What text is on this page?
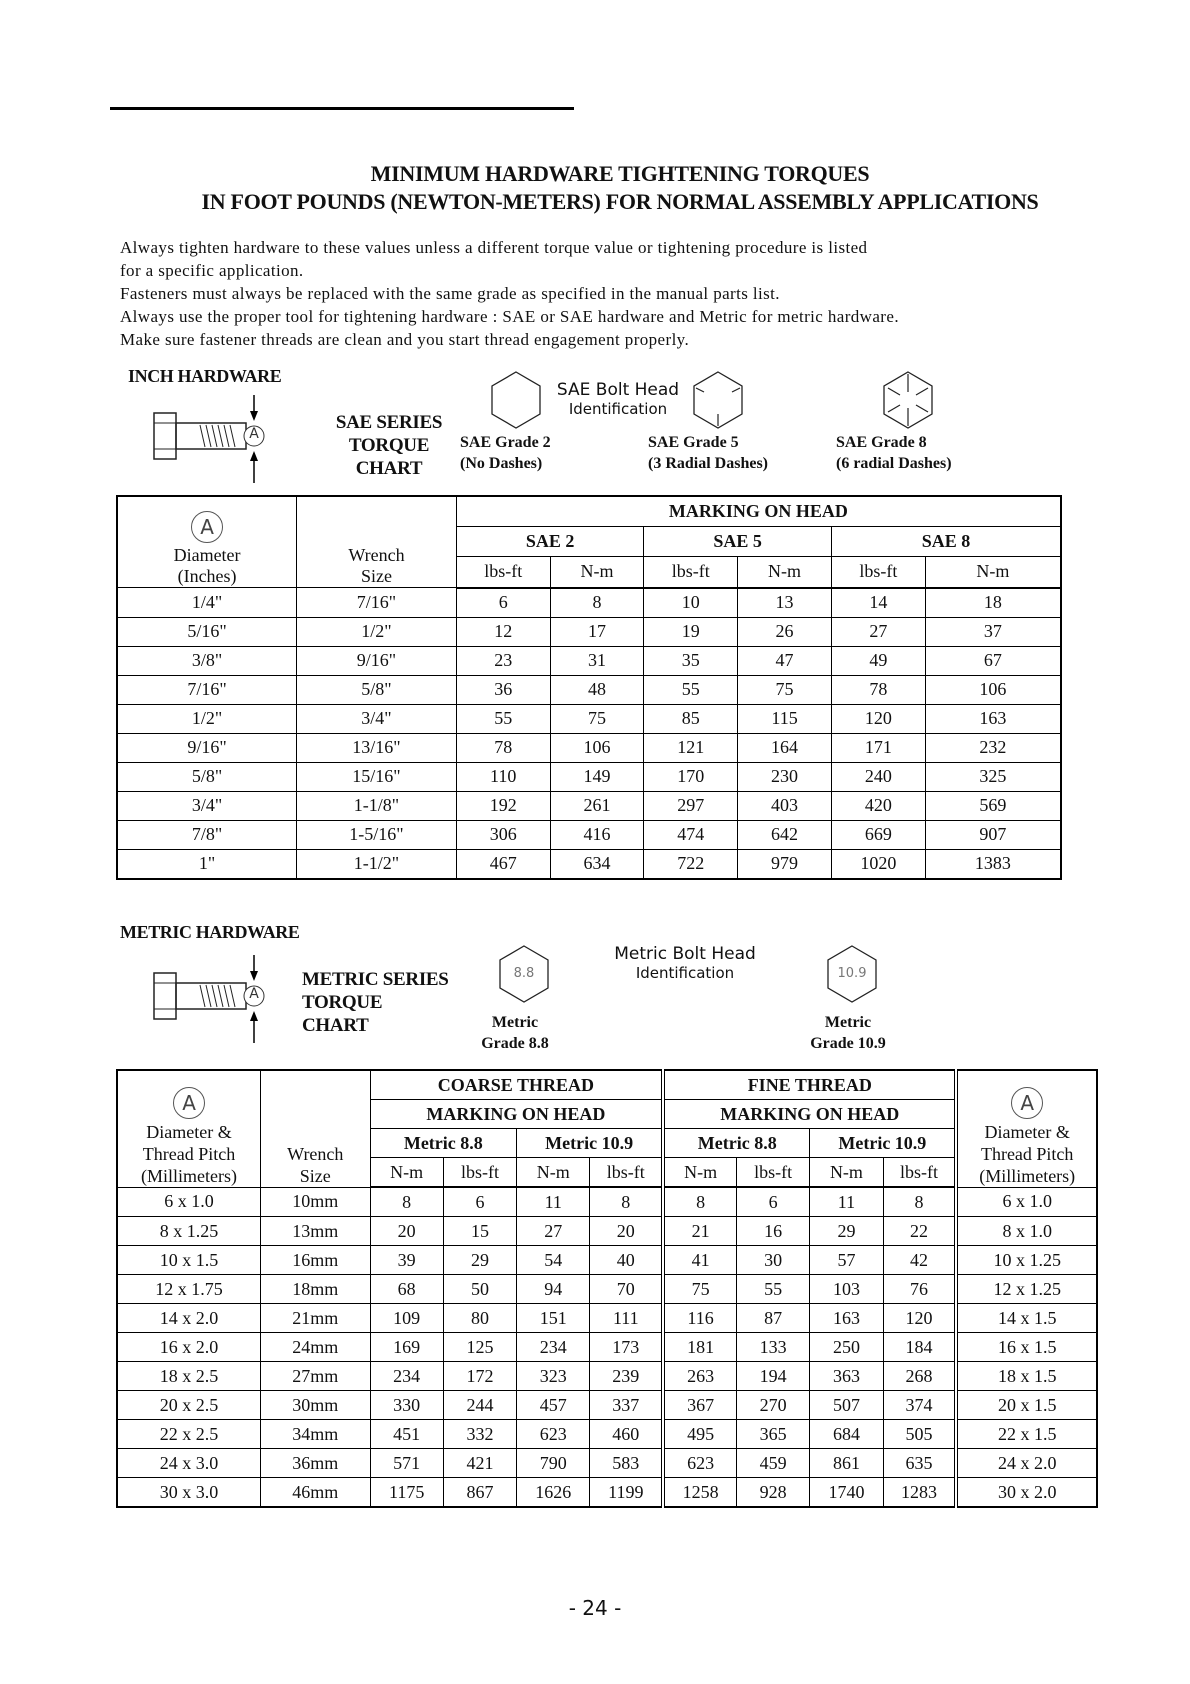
MINIMUM HARDWARE TIGHTENING TORQUES
IN FOOT POUNDS (NEWTON-METERS) FOR NORMAL ASSEMBLY APPLICATIONS
Always tighten hardware to these values unless a different torque value or tightening procedure is listed
for a specific application.
Fasteners must always be replaced with the same grade as specified in the manual parts list.
Always use the proper tool for tightening hardware : SAE or SAE hardware and Metric for metric hardware.
Make sure fastener threads are clean and you start thread engagement properly.
INCH HARDWARE
A
SAE SERIES
TORQUE
CHART
SAE Bolt Head
Identification
SAE Grade 2
(No Dashes)
SAE Grade 5
(3 Radial Dashes)
SAE Grade 8
(6 radial Dashes)
A
Diameter
(Inches)	Wrench
Size	MARKING ON HEAD					
		SAE 2		SAE 5		SAE 8	
		lbs-ft	N-m	lbs-ft	N-m	lbs-ft	N-m
1/4"	7/16"	6	8	10	13	14	18
5/16"	1/2"	12	17	19	26	27	37
3/8"	9/16"	23	31	35	47	49	67
7/16"	5/8"	36	48	55	75	78	106
1/2"	3/4"	55	75	85	115	120	163
9/16"	13/16"	78	106	121	164	171	232
5/8"	15/16"	110	149	170	230	240	325
3/4"	1-1/8"	192	261	297	403	420	569
7/8"	1-5/16"	306	416	474	642	669	907
1"	1-1/2"	467	634	722	979	1020	1383
METRIC HARDWARE
A
METRIC SERIES
TORQUE
CHART
8.8
Metric Bolt Head
Identification	10.9
Metric
Grade 8.8
Metric
Grade 10.9
A
Diameter &
Thread Pitch
(Millimeters)	Wrench
Size	COARSE THREAD				FINE THREAD				A
Diameter &
Thread Pitch
(Millimeters)

		MARKING ON HEAD				MARKING ON HEAD				
		Metric 8.8		Metric 10.9		Metric 8.8		Metric 10.9		
		N-m	lbs-ft	N-m	lbs-ft	N-m	lbs-ft	N-m	lbs-ft	
6 x 1.0	10mm	8	6	11	8	8	6	11	8	6 x 1.0
8 x 1.25	13mm	20	15	27	20	21	16	29	22	8 x 1.0
10 x 1.5	16mm	39	29	54	40	41	30	57	42	10 x 1.25
12 x 1.75	18mm	68	50	94	70	75	55	103	76	12 x 1.25
14 x 2.0	21mm	109	80	151	111	116	87	163	120	14 x 1.5
16 x 2.0	24mm	169	125	234	173	181	133	250	184	16 x 1.5
18 x 2.5	27mm	234	172	323	239	263	194	363	268	18 x 1.5
20 x 2.5	30mm	330	244	457	337	367	270	507	374	20 x 1.5
22 x 2.5	34mm	451	332	623	460	495	365	684	505	22 x 1.5
24 x 3.0	36mm	571	421	790	583	623	459	861	635	24 x 2.0
30 x 3.0	46mm	1175	867	1626	1199	1258	928	1740	1283	30 x 2.0
- 24 -
